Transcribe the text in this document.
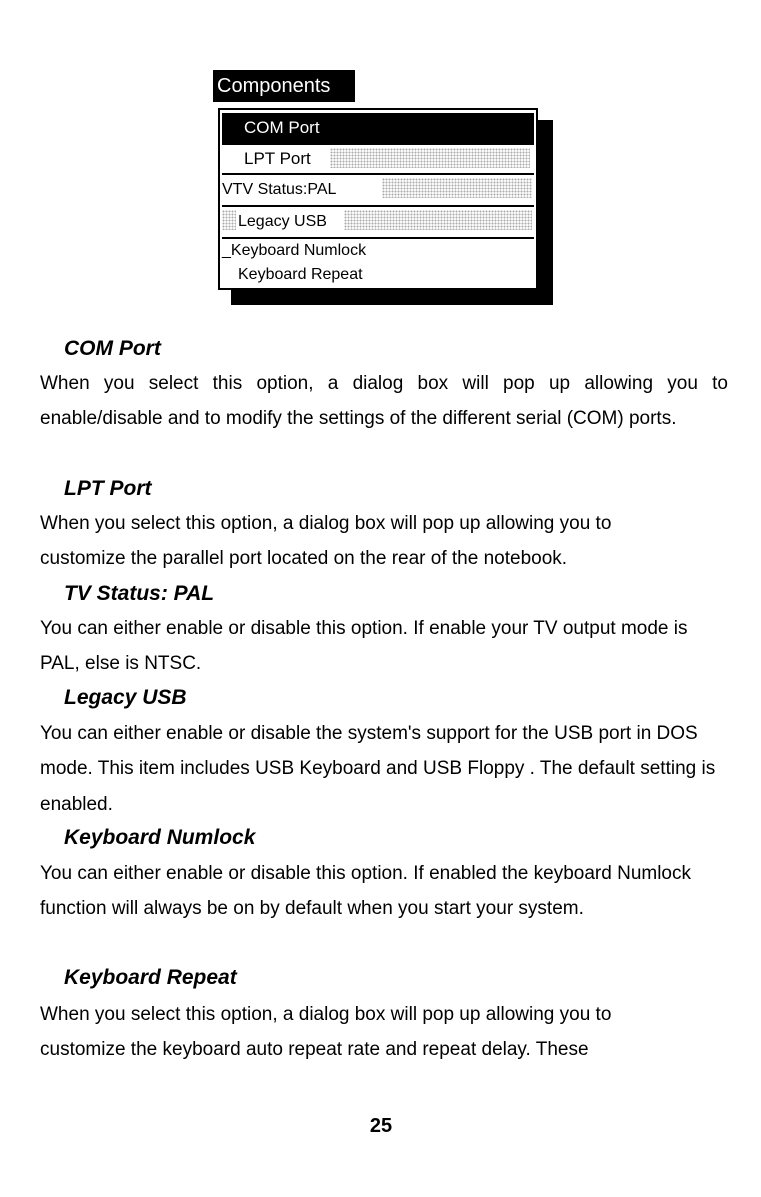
Components
COM Port
LPT Port
VTV Status:PAL
Legacy USB
_Keyboard Numlock
Keyboard Repeat
COM Port

When you select this option, a dialog box will pop up allowing you to enable/disable and to modify the settings of the different serial (COM) ports.

LPT Port

When you select this option, a dialog box will pop up allowing you to customize the parallel port located on the rear of the notebook.

TV Status: PAL

You can either enable or disable this option. If enable your TV output mode is PAL, else is NTSC.

Legacy USB

You can either enable or disable the system's support for the USB port in DOS mode. This item includes USB Keyboard and USB Floppy . The default setting is enabled.

Keyboard Numlock

You can either enable or disable this option. If enabled the keyboard Numlock function will always be on by default when you start your system.

Keyboard Repeat

When you select this option, a dialog box will pop up allowing you to customize the keyboard auto repeat rate and repeat delay. These

25
